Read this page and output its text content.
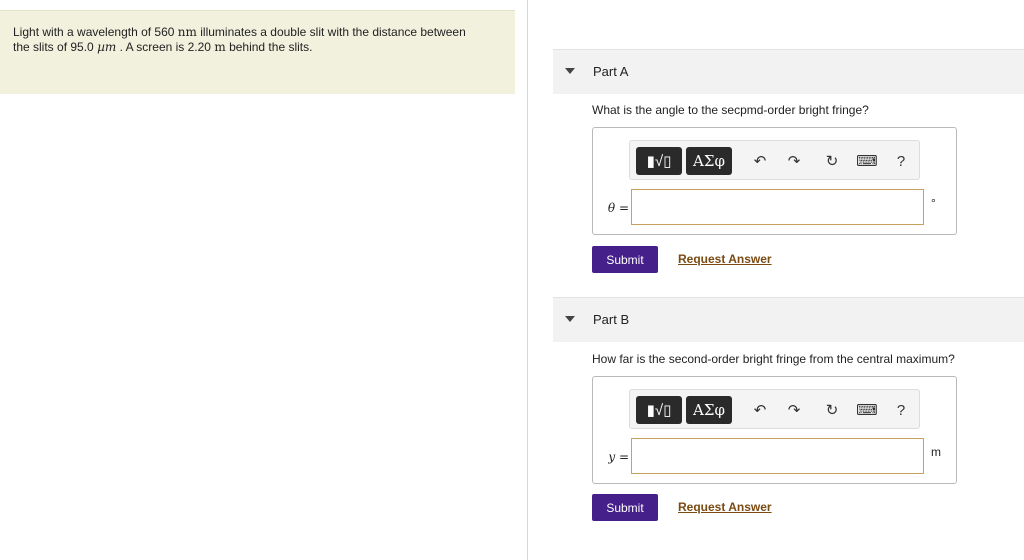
Light with a wavelength of 560 nm illuminates a double slit with the distance between
the slits of 95.0 µm . A screen is 2.20 m behind the slits.
Part A
What is the angle to the secpmd-order bright fringe?
▮√▯	ΑΣφ	↶	↷	↻	⌨	?
θ =	°
Submit	Request Answer
Part B
How far is the second-order bright fringe from the central maximum?
▮√▯	ΑΣφ	↶	↷	↻	⌨	?
y =	m
Submit	Request Answer
